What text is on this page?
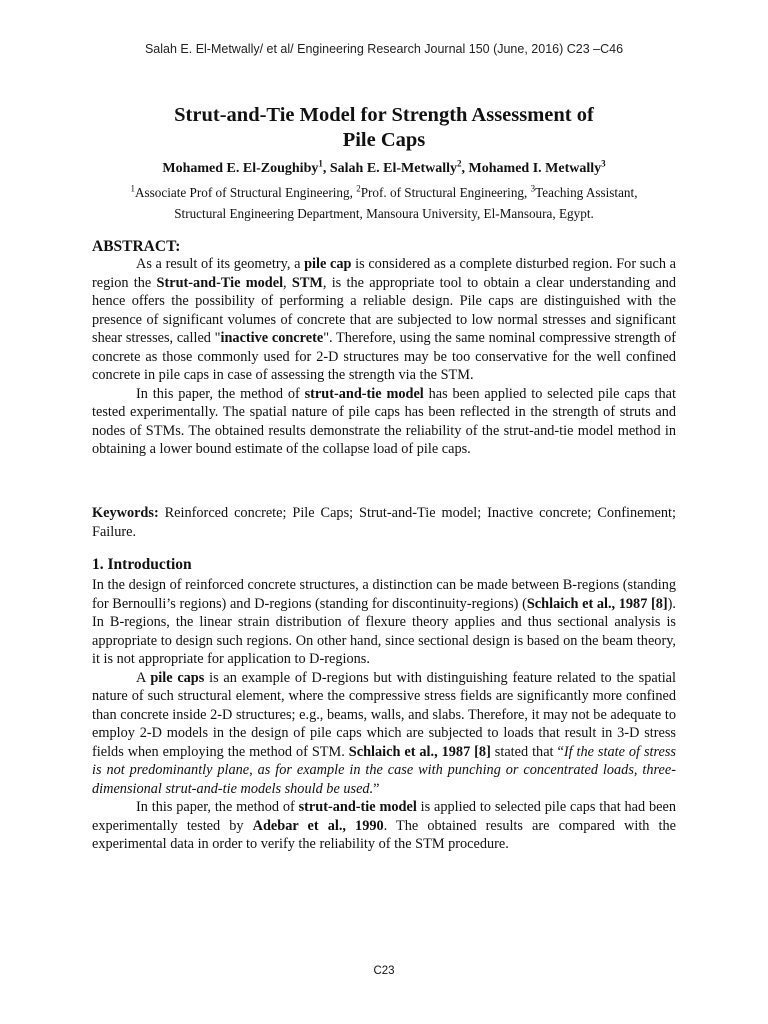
Salah E. El-Metwally/ et al/ Engineering Research Journal 150 (June, 2016) C23 –C46
Strut-and-Tie Model for Strength Assessment of
Pile Caps
Mohamed E. El-Zoughiby$^1$, Salah E. El-Metwally$^2$, Mohamed I. Metwally$^3$
$^1$Associate Prof of Structural Engineering, $^2$Prof. of Structural Engineering, $^3$Teaching Assistant,
Structural Engineering Department, Mansoura University, El-Mansoura, Egypt.
ABSTRACT:

As a result of its geometry, a pile cap is considered as a complete disturbed region. For such a region the Strut-and-Tie model, STM, is the appropriate tool to obtain a clear understanding and hence offers the possibility of performing a reliable design. Pile caps are distinguished with the presence of significant volumes of concrete that are subjected to low normal stresses and significant shear stresses, called "inactive concrete". Therefore, using the same nominal compressive strength of concrete as those commonly used for 2-D structures may be too conservative for the well confined concrete in pile caps in case of assessing the strength via the STM.

In this paper, the method of strut-and-tie model has been applied to selected pile caps that tested experimentally. The spatial nature of pile caps has been reflected in the strength of struts and nodes of STMs. The obtained results demonstrate the reliability of the strut-and-tie model method in obtaining a lower bound estimate of the collapse load of pile caps.

Keywords: Reinforced concrete; Pile Caps; Strut-and-Tie model; Inactive concrete; Confinement; Failure.
1. Introduction

In the design of reinforced concrete structures, a distinction can be made between B-regions (standing for Bernoulli’s regions) and D-regions (standing for discontinuity-regions) (Schlaich et al., 1987 [8]). In B-regions, the linear strain distribution of flexure theory applies and thus sectional analysis is appropriate to design such regions. On other hand, since sectional design is based on the beam theory, it is not appropriate for application to D-regions.

A pile caps is an example of D-regions but with distinguishing feature related to the spatial nature of such structural element, where the compressive stress fields are significantly more confined than concrete inside 2-D structures; e.g., beams, walls, and slabs. Therefore, it may not be adequate to employ 2-D models in the design of pile caps which are subjected to loads that result in 3-D stress fields when employing the method of STM. Schlaich et al., 1987 [8] stated that “If the state of stress is not predominantly plane, as for example in the case with punching or concentrated loads, three-dimensional strut-and-tie models should be used.”

In this paper, the method of strut-and-tie model is applied to selected pile caps that had been experimentally tested by Adebar et al., 1990. The obtained results are compared with the experimental data in order to verify the reliability of the STM procedure.

C23
